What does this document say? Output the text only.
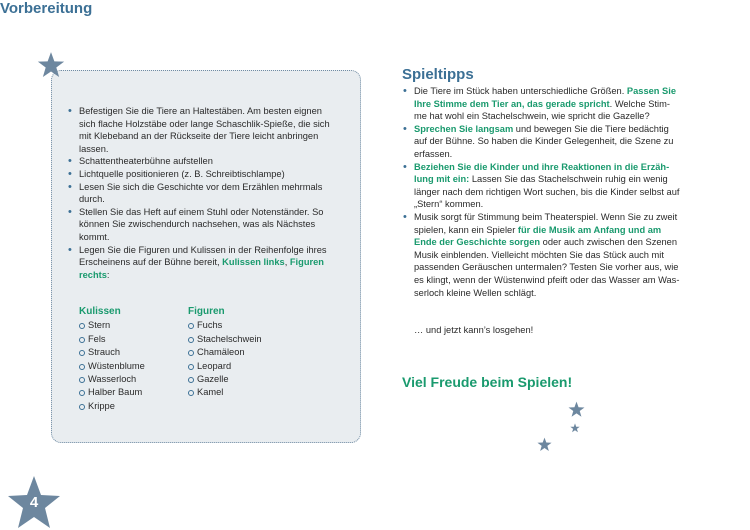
Vorbereitung
• Befestigen Sie die Tiere an Haltestäben. Am besten eignen
sich flache Holzstäbe oder lange Schaschlik-Spieße, die sich
mit Klebeband an der Rückseite der Tiere leicht anbringen
lassen.
• Schattentheaterbühne aufstellen
• Lichtquelle positionieren (z. B. Schreibtischlampe)
• Lesen Sie sich die Geschichte vor dem Erzählen mehrmals
durch.
• Stellen Sie das Heft auf einem Stuhl oder Notenständer. So
können Sie zwischendurch nachsehen, was als Nächstes
kommt.
• Legen Sie die Figuren und Kulissen in der Reihenfolge ihres
Erscheinens auf der Bühne bereit, Kulissen links, Figuren
rechts:
Kulissen
Stern
Fels
Strauch
Wüstenblume
Wasserloch
Halber Baum
Krippe
Figuren
Fuchs
Stachelschwein
Chamäleon
Leopard
Gazelle
Kamel
Spieltipps
• Die Tiere im Stück haben unterschiedliche Größen. Passen Sie
Ihre Stimme dem Tier an, das gerade spricht. Welche Stim-
me hat wohl ein Stachelschwein, wie spricht die Gazelle?
• Sprechen Sie langsam und bewegen Sie die Tiere bedächtig
auf der Bühne. So haben die Kinder Gelegenheit, die Szene zu
erfassen.
• Beziehen Sie die Kinder und ihre Reaktionen in die Erzäh-
lung mit ein: Lassen Sie das Stachelschwein ruhig ein wenig
länger nach dem richtigen Wort suchen, bis die Kinder selbst auf
„Stern“ kommen.
• Musik sorgt für Stimmung beim Theaterspiel. Wenn Sie zu zweit
spielen, kann ein Spieler für die Musik am Anfang und am
Ende der Geschichte sorgen oder auch zwischen den Szenen
Musik einblenden. Vielleicht möchten Sie das Stück auch mit
passenden Geräuschen untermalen? Testen Sie vorher aus, wie
es klingt, wenn der Wüstenwind pfeift oder das Wasser am Was-
serloch kleine Wellen schlägt.
… und jetzt kann’s losgehen!
Viel Freude beim Spielen!
4
